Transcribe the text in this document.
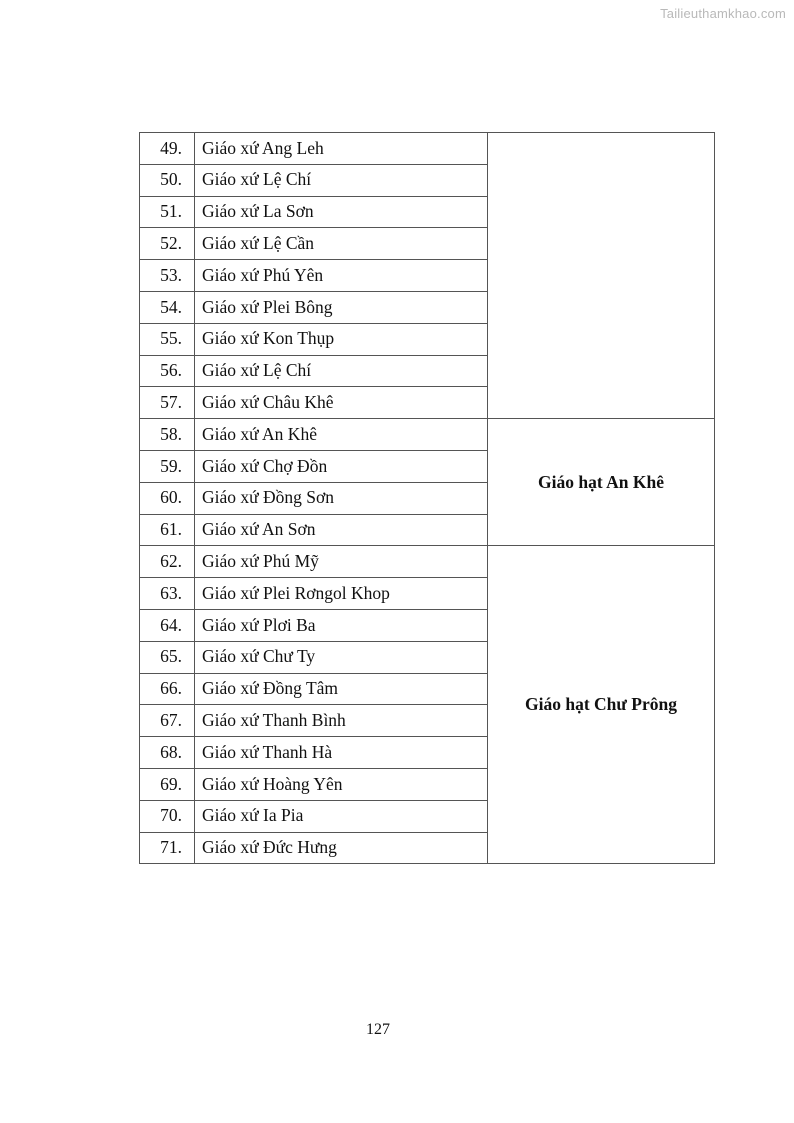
Tailieuthamkhao.com
49.	Giáo xứ Ang Leh	
50.	Giáo xứ Lệ Chí	
51.	Giáo xứ La Sơn	
52.	Giáo xứ Lệ Cần	
53.	Giáo xứ Phú Yên	
54.	Giáo xứ Plei Bông	
55.	Giáo xứ Kon Thụp	
56.	Giáo xứ Lệ Chí	
57.	Giáo xứ Châu Khê	
58.	Giáo xứ An Khê	Giáo hạt An Khê
59.	Giáo xứ Chợ Đồn	
60.	Giáo xứ Đồng Sơn	
61.	Giáo xứ An Sơn	
62.	Giáo xứ Phú Mỹ	Giáo hạt Chư Prông
63.	Giáo xứ Plei Rơngol Khop	
64.	Giáo xứ Plơi Ba	
65.	Giáo xứ Chư Ty	
66.	Giáo xứ Đồng Tâm	
67.	Giáo xứ Thanh Bình	
68.	Giáo xứ Thanh Hà	
69.	Giáo xứ Hoàng Yên	
70.	Giáo xứ Ia Pia	
71.	Giáo xứ Đức Hưng	
127
